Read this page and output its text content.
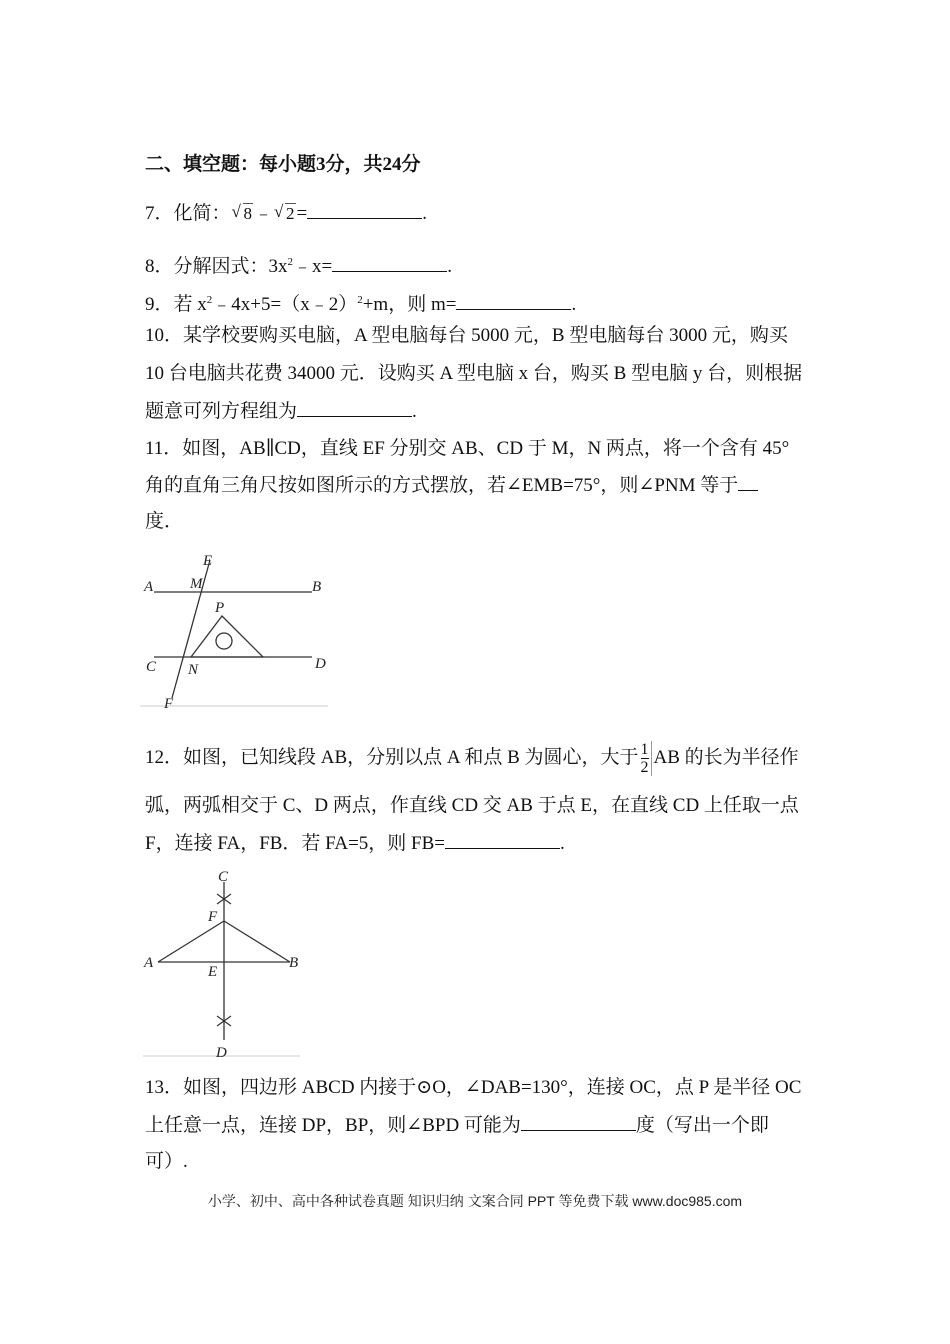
二、填空题：每小题3分，共24分
7．化简： √ 8 ﹣ √ 2 =	.
8．分解因式：$3x^2﹣x=$	.
9．若 $x^2﹣4x+5=(x﹣2)^2+m$，则 m=	.
10．某学校要购买电脑，A 型电脑每台 5000 元，B 型电脑每台 3000 元，购买
10 台电脑共花费 34000 元．设购买 A 型电脑 x 台，购买 B 型电脑 y 台，则根据
题意可列方程组为	.
11．如图，AB∥CD，直线 EF 分别交 AB、CD 于 M，N 两点，将一个含有 45°
角的直角三角尺按如图所示的方式摆放，若∠EMB=75°，则∠PNM 等于
度．
A	B
C	D
E
F
M
N
P
12．如图，已知线段 AB，分别以点 A 和点 B 为圆心，大于 $\frac{1}{2}$ AB 的长为半径作
弧，两弧相交于 C、D 两点，作直线 CD 交 AB 于点 E，在直线 CD 上任取一点
F，连接 FA，FB．若 FA=5，则 FB=	.
C
F
A	B
E
D
13．如图，四边形 ABCD 内接于⊙O，∠DAB=130°，连接 OC，点 P 是半径 OC
上任意一点，连接 DP，BP，则∠BPD 可能为	度（写出一个即
可）.
小学、初中、高中各种试卷真题 知识归纳 文案合同 PPT 等免费下载 www.doc985.com
